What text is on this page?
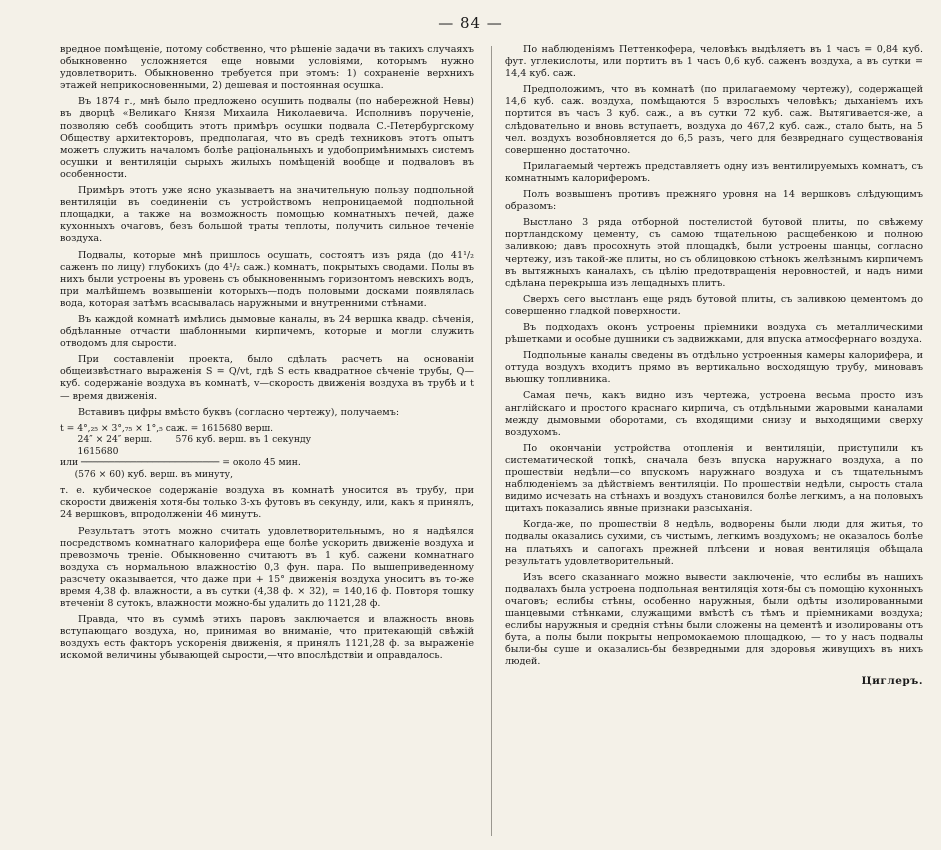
— 84 —

вредное помѣщеніе, потому собственно, что рѣшеніе задачи въ такихъ случаяхъ обыкновенно усложняется еще новыми условіями, которымъ нужно удовлетворить. Обыкновенно требуется при этомъ: 1) сохраненіе верхнихъ этажей неприкосновенными, 2) дешевая и постоянная осушка.

Въ 1874 г., мнѣ было предложено осушить подвалы (по набережной Невы) въ дворцѣ «Великаго Князя Михаила Николаевича. Исполнивъ порученіе, позволяю себѣ сообщить этотъ примѣръ осушки подвала С.-Петербургскому Обществу архитекторовъ, предполагая, что въ средѣ техниковъ этотъ опытъ можетъ служить началомъ болѣе раціональныхъ и удобопримѣнимыхъ системъ осушки и вентиляціи сырыхъ жилыхъ помѣщеній вообще и подваловъ въ особенности.

Примѣръ этотъ уже ясно указываетъ на значительную пользу подпольной вентиляціи въ соединеніи съ устройствомъ непроницаемой подпольной площадки, а также на возможность помощью комнатныхъ печей, даже кухонныхъ очаговъ, безъ большой траты теплоты, получить сильное теченіе воздуха.

Подвалы, которые мнѣ пришлось осушать, состоятъ изъ ряда (до 41¹/₂ саженъ по лицу) глубокихъ (до 4¹/₂ саж.) комнатъ, покрытыхъ сводами. Полы въ нихъ были устроены въ уровень съ обыкновеннымъ горизонтомъ невскихъ водъ, при малѣйшемъ возвышеніи которыхъ—подъ половыми досками появлялась вода, которая затѣмъ всасывалась наружными и внутренними стѣнами.

Въ каждой комнатѣ имѣлись дымовые каналы, въ 24 вершка квадр. сѣченія, обдѣланные отчасти шаблонными кирпичемъ, которые и могли служить отводомъ для сырости.

При составленіи проекта, было сдѣлать расчетъ на основаніи общеизвѣстнаго выраженія S = Q/vt, гдѣ S есть квадратное сѣченіе трубы, Q—куб. содержаніе воздуха въ комнатѣ, v—скорость движенія воздуха въ трубѣ и t — время движенія.

Вставивъ цифры вмѣсто буквъ (согласно чертежу), получаемъ:

t = 4°,₂₅ × 3°,₇₅ × 1°,₅ саж. = 1615680 верш.
24″ × 24″ верш.        576 куб. верш. въ 1 секунду
1615680
или ───────────────────────── = около 45 мин.
(576 × 60) куб. верш. въ минуту,

т. е. кубическое содержаніе воздуха въ комнатѣ уносится въ трубу, при скорости движенія хотя-бы только 3-хъ футовъ въ секунду, или, какъ я принялъ, 24 вершковъ, впродолженіи 46 минутъ.

Результатъ этотъ можно считать удовлетворительнымъ, но я надѣялся посредствомъ комнатнаго калорифера еще болѣе ускорить движеніе воздуха и превозмочь треніе. Обыкновенно считаютъ въ 1 куб. сажени комнатнаго воздуха съ нормальною влажностію 0,3 фун. пара. По вышеприведенному разсчету оказывается, что даже при + 15° движенія воздуха уноситъ въ то-же время 4,38 ф. влажности, а въ сутки (4,38 ф. × 32), = 140,16 ф. Повторя тошку втеченіи 8 сутокъ, влажности можно-бы удалить до 1121,28 ф.

Правда, что въ суммѣ этихъ паровъ заключается и влажность вновь вступающаго воздуха, но, принимая во вниманіе, что притекающій свѣжій воздухъ есть факторъ ускоренія движенія, я принялъ 1121,28 ф. за выраженіе искомой величины убывающей сырости,—что впослѣдствіи и оправдалось.

По наблюденіямъ Петтенкофера, человѣкъ выдѣляетъ въ 1 часъ = 0,84 куб. фут. углекислоты, или портитъ въ 1 часъ 0,6 куб. саженъ воздуха, а въ сутки = 14,4 куб. саж.

Предположимъ, что въ комнатѣ (по прилагаемому чертежу), содержащей 14,6 куб. саж. воздуха, помѣщаются 5 взрослыхъ человѣкъ; дыханіемъ ихъ портится въ часъ 3 куб. саж., а въ сутки 72 куб. саж. Вытягивается-же, а слѣдовательно и вновь вступаетъ, воздуха до 467,2 куб. саж., стало быть, на 5 чел. воздухъ возобновляется до 6,5 разъ, чего для безвреднаго существованія совершенно достаточно.

Прилагаемый чертежъ представляетъ одну изъ вентилируемыхъ комнатъ, съ комнатнымъ калориферомъ.

Полъ возвышенъ противъ прежняго уровня на 14 вершковъ слѣдующимъ образомъ:

Выстлано 3 ряда отборной постелистой бутовой плиты, по свѣжему портландскому цементу, съ самою тщательною расщебенкою и полною заливкою; давъ просохнуть этой площадкѣ, были устроены шанцы, согласно чертежу, изъ такой-же плиты, но съ облицовкою стѣнокъ желѣзнымъ кирпичемъ въ вытяжныхъ каналахъ, съ цѣлію предотвращенія неровностей, и надъ ними сдѣлана перекрыша изъ лещадныхъ плитъ.

Сверхъ сего выстланъ еще рядъ бутовой плиты, съ заливкою цементомъ до совершенно гладкой поверхности.

Въ подходахъ оконъ устроены пріемники воздуха съ металлическими рѣшетками и особые душники съ задвижками, для впуска атмосфернаго воздуха.

Подпольные каналы сведены въ отдѣльно устроенныя камеры калорифера, и оттуда воздухъ входитъ прямо въ вертикально восходящую трубу, миновавъ вьюшку топливника.

Самая печь, какъ видно изъ чертежа, устроена весьма просто изъ англійскаго и простого краснаго кирпича, съ отдѣльными жаровыми каналами между дымовыми оборотами, съ входящими снизу и выходящими сверху воздухомъ.

По окончаніи устройства отопленія и вентиляціи, приступили къ систематической топкѣ, сначала безъ впуска наружнаго воздуха, а по прошествіи недѣли—со впускомъ наружнаго воздуха и съ тщательнымъ наблюденіемъ за дѣйствіемъ вентиляціи. По прошествіи недѣли, сырость стала видимо исчезать на стѣнахъ и воздухъ становился болѣе легкимъ, а на половыхъ щитахъ показались явные признаки разсыханія.

Когда-же, по прошествіи 8 недѣль, водворены были люди для житья, то подвалы оказались сухими, съ чистымъ, легкимъ воздухомъ; не оказалось болѣе на платьяхъ и сапогахъ прежней плѣсени и новая вентиляція обѣщала результатъ удовлетворительный.

Изъ всего сказаннаго можно вывести заключеніе, что еслибы въ нашихъ подвалахъ была устроена подпольная вентиляція хотя-бы съ помощію кухонныхъ очаговъ; еслибы стѣны, особенно наружныя, были одѣты изолированными шанцевыми стѣнками, служащими вмѣстѣ съ тѣмъ и пріемниками воздуха; еслибы наружныя и среднія стѣны были сложены на цементѣ и изолированы отъ бута, а полы были покрыты непромокаемою площадкою, — то у насъ подвалы были-бы суше и оказались-бы безвредными для здоровья живущихъ въ нихъ людей.

Циглеръ.
